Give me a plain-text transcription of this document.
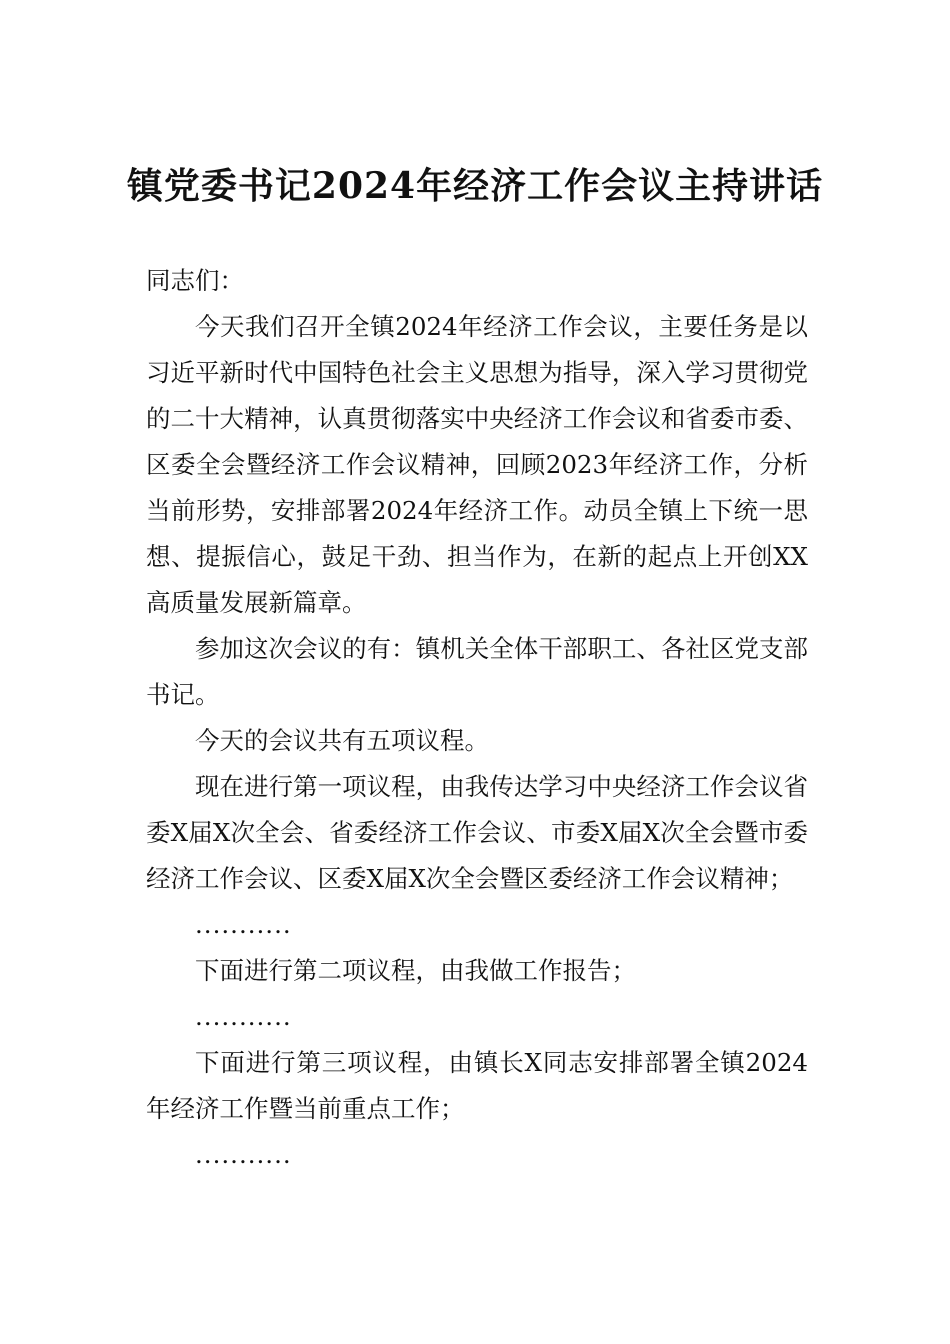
镇党委书记2024年经济工作会议主持讲话

同志们：

今天我们召开全镇2024年经济工作会议，主要任务是以习近平新时代中国特色社会主义思想为指导，深入学习贯彻党的二十大精神，认真贯彻落实中央经济工作会议和省委市委、区委全会暨经济工作会议精神，回顾2023年经济工作，分析当前形势，安排部署2024年经济工作。动员全镇上下统一思想、提振信心，鼓足干劲、担当作为，在新的起点上开创XX高质量发展新篇章。

参加这次会议的有：镇机关全体干部职工、各社区党支部书记。

今天的会议共有五项议程。

现在进行第一项议程，由我传达学习中央经济工作会议省委X届X次全会、省委经济工作会议、市委X届X次全会暨市委经济工作会议、区委X届X次全会暨区委经济工作会议精神；

...........

下面进行第二项议程，由我做工作报告；

...........

下面进行第三项议程，由镇长X同志安排部署全镇2024年经济工作暨当前重点工作；

...........
